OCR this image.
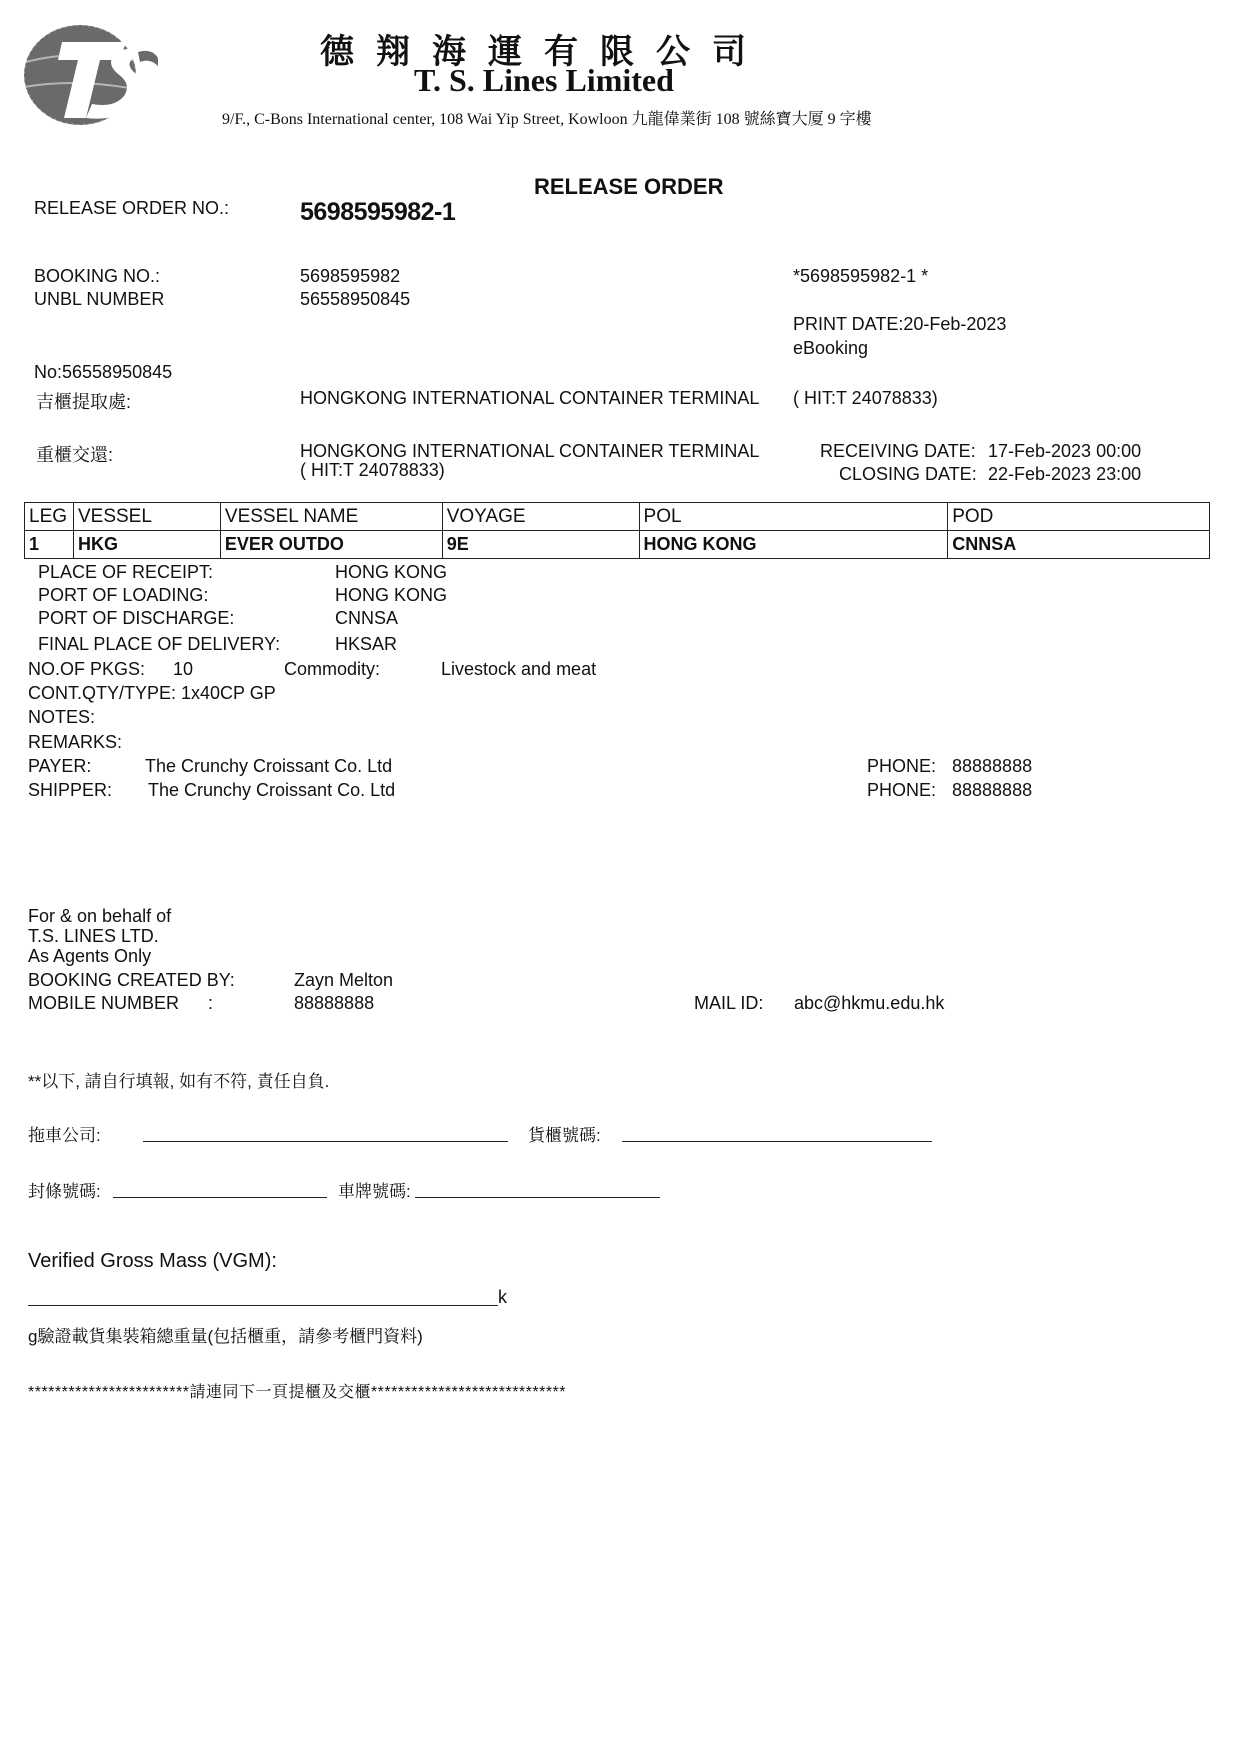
德翔海運有限公司
T. S. Lines Limited
9/F., C-Bons International center, 108 Wai Yip Street, Kowloon 九龍偉業街 108 號絲寶大厦 9 字樓
RELEASE ORDER
RELEASE ORDER NO.:	5698595982-1
BOOKING NO.:	5698595982
UNBL NUMBER	56558950845
*5698595982-1 *
PRINT DATE:20-Feb-2023
eBooking
No:56558950845
吉櫃提取處:	HONGKONG INTERNATIONAL CONTAINER TERMINAL ( HIT:T 24078833)
重櫃交還:	HONGKONG INTERNATIONAL CONTAINER TERMINAL
( HIT:T 24078833)
RECEIVING DATE: 17-Feb-2023 00:00
CLOSING DATE: 22-Feb-2023 23:00
LEG	VESSEL	VESSEL NAME	VOYAGE	POL	POD
1	HKG	EVER OUTDO	9E	HONG KONG	CNNSA
PLACE OF RECEIPT:	HONG KONG
PORT OF LOADING:	HONG KONG
PORT OF DISCHARGE:	CNNSA
FINAL PLACE OF DELIVERY:	HKSAR
NO.OF PKGS: 10	Commodity:	Livestock and meat
CONT.QTY/TYPE: 1x40CP GP
NOTES:
REMARKS:
PAYER:	The Crunchy Croissant Co. Ltd	PHONE: 88888888
SHIPPER: The Crunchy Croissant Co. Ltd	PHONE: 88888888
For & on behalf of
T.S. LINES LTD.
As Agents Only
BOOKING CREATED BY:	Zayn Melton
MOBILE NUMBER :	88888888	MAIL ID: abc@hkmu.edu.hk
**以下, 請自行填報, 如有不符, 責任自負.
拖車公司:	貨櫃號碼:
封條號碼:	車牌號碼:
Verified Gross Mass (VGM):
k
g驗證載貨集裝箱總重量(包括櫃重，請參考櫃門資料)
************************請連同下一頁提櫃及交櫃*****************************
